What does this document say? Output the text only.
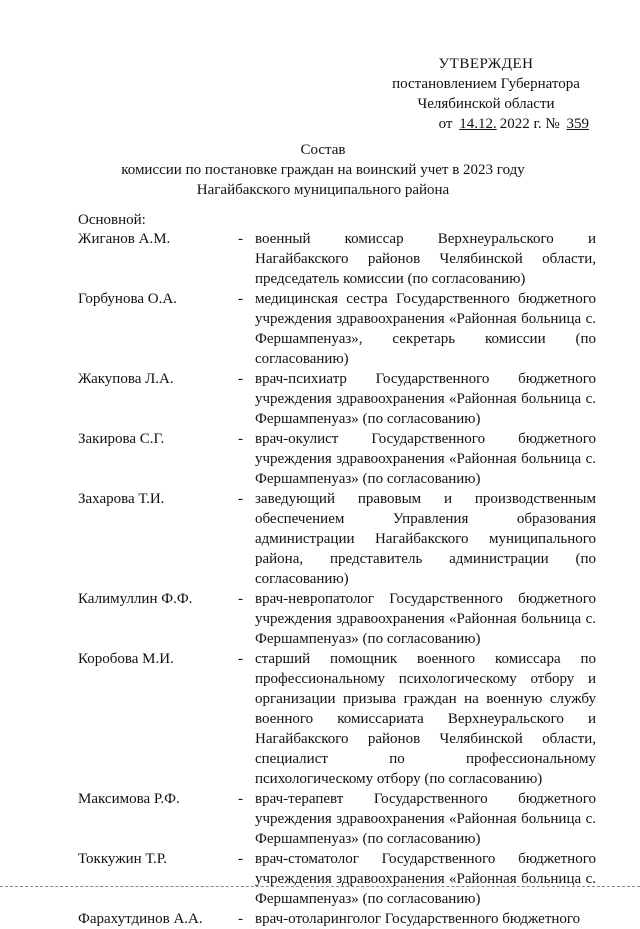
УТВЕРЖДЕН
постановлением Губернатора
Челябинской области
от 14.12. 2022 г. № 359
Состав
комиссии по постановке граждан на воинский учет в 2023 году
Нагайбакского муниципального района
Основной:
Жиганов А.М.	- военный комиссар Верхнеуральского и Нагайбакского районов Челябинской области, председатель комиссии (по согласованию)
Горбунова О.А.	- медицинская сестра Государственного бюджетного учреждения здравоохранения «Районная больница с. Фершампенуаз», секретарь комиссии (по согласованию)
Жакупова Л.А.	- врач-психиатр Государственного бюджетного учреждения здравоохранения «Районная больница с. Фершампенуаз» (по согласованию)
Закирова С.Г.	- врач-окулист Государственного бюджетного учреждения здравоохранения «Районная больница с. Фершампенуаз» (по согласованию)
Захарова Т.И.	- заведующий правовым и производственным обеспечением Управления образования администрации Нагайбакского муниципального района, представитель администрации (по согласованию)
Калимуллин Ф.Ф.	- врач-невропатолог Государственного бюджетного учреждения здравоохранения «Районная больница с. Фершампенуаз» (по согласованию)
Коробова М.И.	- старший помощник военного комиссара по профессиональному психологическому отбору и организации призыва граждан на военную службу военного комиссариата Верхнеуральского и Нагайбакского районов Челябинской области, специалист по профессиональному психологическому отбору (по согласованию)
Максимова Р.Ф.	- врач-терапевт Государственного бюджетного учреждения здравоохранения «Районная больница с. Фершампенуаз» (по согласованию)
Токкужин Т.Р.	- врач-стоматолог Государственного бюджетного учреждения здравоохранения «Районная больница с. Фершампенуаз» (по согласованию)
Фарахутдинов А.А.	- врач-отоларинголог Государственного бюджетного
